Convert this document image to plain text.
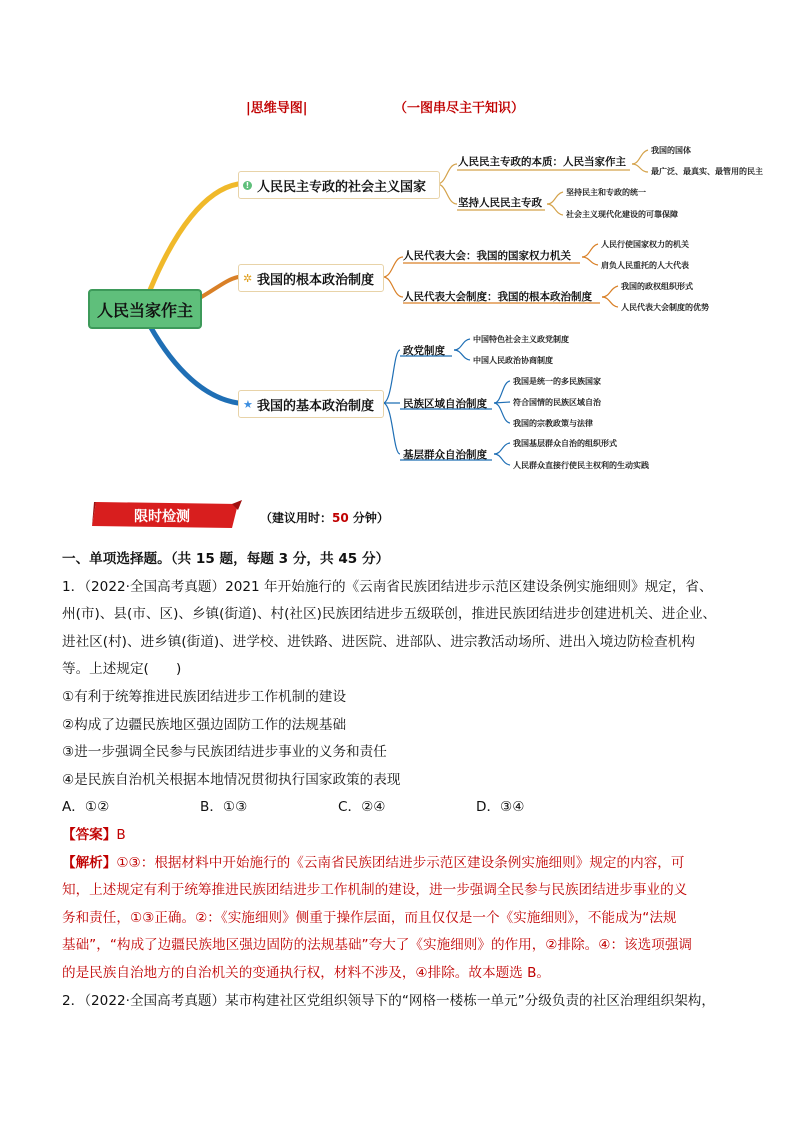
|思维导图|	（一图串尽主干知识）
人民当家作主
! 人民民主专政的社会主义国家
✲ 我国的根本政治制度
★ 我国的基本政治制度
人民民主专政的本质：人民当家作主
坚持人民民主专政
我国的国体
最广泛、最真实、最管用的民主
坚持民主和专政的统一
社会主义现代化建设的可靠保障
人民代表大会：我国的国家权力机关
人民代表大会制度：我国的根本政治制度
人民行使国家权力的机关
肩负人民重托的人大代表
我国的政权组织形式
人民代表大会制度的优势
政党制度
民族区域自治制度
基层群众自治制度
中国特色社会主义政党制度
中国人民政治协商制度
我国是统一的多民族国家
符合国情的民族区域自治
我国的宗教政策与法律
我国基层群众自治的组织形式
人民群众直接行使民主权利的生动实践
限时检测	（建议用时：50 分钟）
一、单项选择题。（共 15 题，每题 3 分，共 45 分）
1．（2022·全国高考真题）2021 年开始施行的《云南省民族团结进步示范区建设条例实施细则》规定，省、
州(市)、县(市、区)、乡镇(街道)、村(社区)民族团结进步五级联创，推进民族团结进步创建进机关、进企业、
进社区(村)、进乡镇(街道)、进学校、进铁路、进医院、进部队、进宗教活动场所、进出入境边防检查机构
等。上述规定(　　)
①有利于统筹推进民族团结进步工作机制的建设
②构成了边疆民族地区强边固防工作的法规基础
③进一步强调全民参与民族团结进步事业的义务和责任
④是民族自治机关根据本地情况贯彻执行国家政策的表现
A．①②	B．①③	C．②④	D．③④
【答案】B
【解析】①③：根据材料中开始施行的《云南省民族团结进步示范区建设条例实施细则》规定的内容，可
知，上述规定有利于统筹推进民族团结进步工作机制的建设，进一步强调全民参与民族团结进步事业的义
务和责任，①③正确。②：《实施细则》侧重于操作层面，而且仅仅是一个《实施细则》，不能成为“法规
基础”，“构成了边疆民族地区强边固防的法规基础”夸大了《实施细则》的作用，②排除。④：该选项强调
的是民族自治地方的自治机关的变通执行权，材料不涉及，④排除。故本题选 B。
2．（2022·全国高考真题）某市构建社区党组织领导下的“网格一楼栋一单元”分级负责的社区治理组织架构，
